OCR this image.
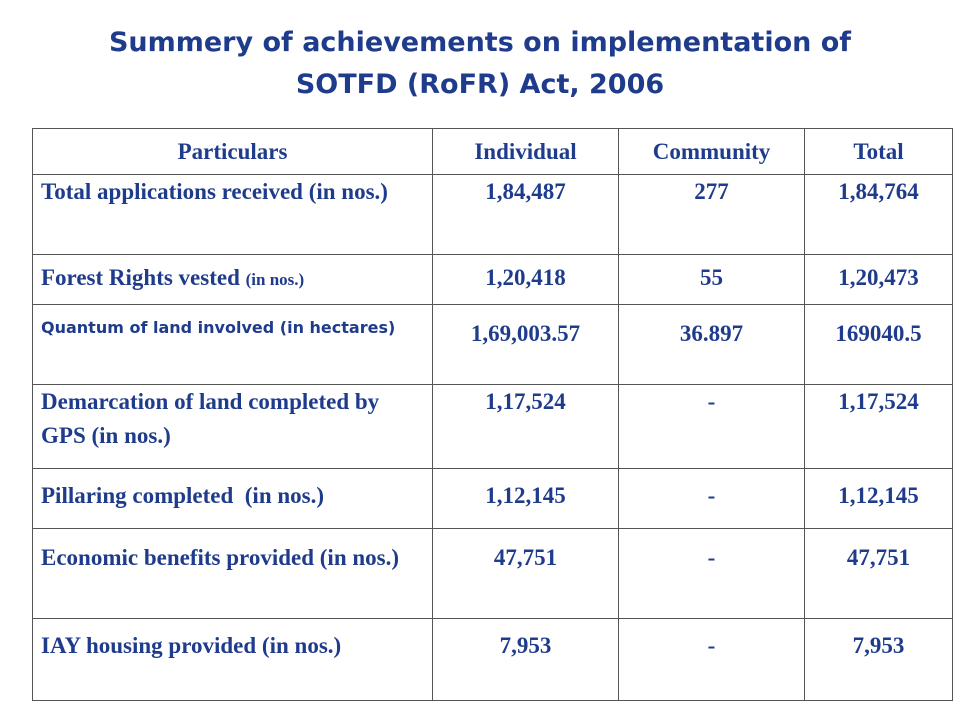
Summery of achievements on implementation of
SOTFD (RoFR) Act, 2006
Particulars	Individual	Community	Total
Total applications received (in nos.)	1,84,487	277	1,84,764
Forest Rights vested (in nos.)	1,20,418	55	1,20,473
Quantum of land involved (in hectares)	1,69,003.57	36.897	169040.5
Demarcation of land completed by GPS (in nos.)	1,17,524	-	1,17,524
Pillaring completed (in nos.)	1,12,145	-	1,12,145
Economic benefits provided (in nos.)	47,751	-	47,751
IAY housing provided (in nos.)	7,953	-	7,953
